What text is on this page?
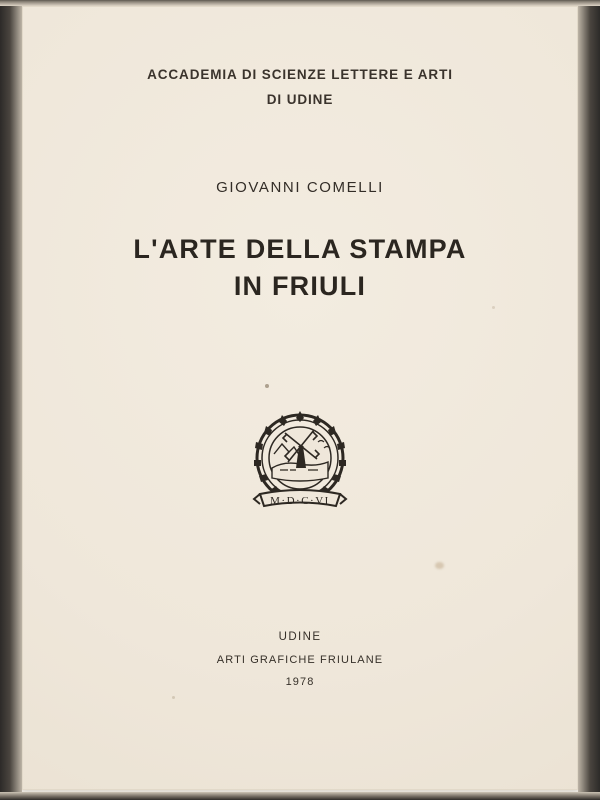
ACCADEMIA DI SCIENZE LETTERE E ARTI
DI UDINE
GIOVANNI COMELLI
L'ARTE DELLA STAMPA
IN FRIULI
M·D·C·VI
UDINE
ARTI GRAFICHE FRIULANE
1978
